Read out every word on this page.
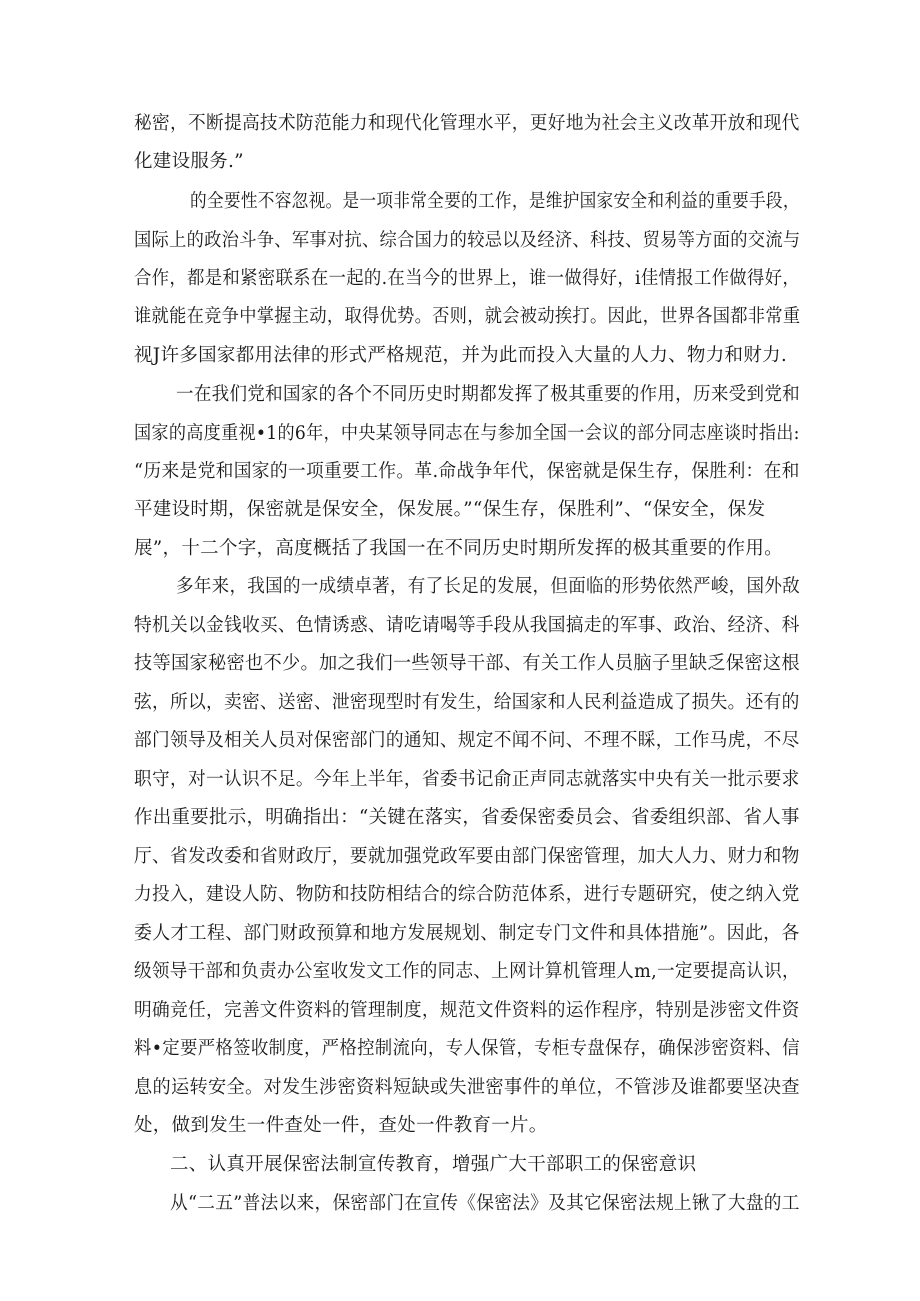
秘密，不断提高技术防范能力和现代化管理水平，更好地为社会主义改革开放和现代
化建设服务.”
的全要性不容忽视。是一项非常全要的工作，是维护国家安全和利益的重要手段，
国际上的政治斗争、军事对抗、综合国力的较忌以及经济、科技、贸易等方面的交流与
合作，都是和紧密联系在一起的.在当今的世界上，谁一做得好，i佳情报工作做得好，
谁就能在竞争中掌握主动，取得优势。否则，就会被动挨打。因此，世界各国都非常重
视J许多国家都用法律的形式严格规范，并为此而投入大量的人力、物力和财力.
一在我们党和国家的各个不同历史时期都发挥了极其重要的作用，历来受到党和
国家的高度重视•1的6年，中央某领导同志在与参加全国一会议的部分同志座谈时指出:
“历来是党和国家的一项重要工作。革.命战争年代，保密就是保生存，保胜利：在和
平建设时期，保密就是保安全，保发展。”“保生存，保胜利”、“保安全，保发
展”，十二个字，高度概括了我国一在不同历史时期所发挥的极其重要的作用。
多年来，我国的一成绩卓著，有了长足的发展，但面临的形势依然严峻，国外敌
特机关以金钱收买、色情诱惑、请吃请喝等手段从我国搞走的军事、政治、经济、科
技等国家秘密也不少。加之我们一些领导干部、有关工作人员脑子里缺乏保密这根
弦，所以，卖密、送密、泄密现型时有发生，给国家和人民利益造成了损失。还有的
部门领导及相关人员对保密部门的通知、规定不闻不问、不理不睬，工作马虎，不尽
职守，对一认识不足。今年上半年，省委书记俞正声同志就落实中央有关一批示要求
作出重要批示，明确指出：“关键在落实，省委保密委员会、省委组织部、省人事
厅、省发改委和省财政厅，要就加强党政军要由部门保密管理，加大人力、财力和物
力投入，建设人防、物防和技防相结合的综合防范体系，进行专题研究，使之纳入党
委人才工程、部门财政预算和地方发展规划、制定专门文件和具体措施”。因此，各
级领导干部和负责办公室收发文工作的同志、上网计算机管理人m,一定要提高认识，
明确竞任，完善文件资料的管理制度，规范文件资料的运作程序，特别是涉密文件资
料•定要严格签收制度，严格控制流向，专人保管，专柜专盘保存，确保涉密资料、信
息的运转安全。对发生涉密资料短缺或失泄密事件的单位，不管涉及谁都要坚决查
处，做到发生一件查处一件，查处一件教育一片。
二、认真开展保密法制宣传教育，增强广大干部职工的保密意识
从“二五”普法以来，保密部门在宣传《保密法》及其它保密法规上锹了大盘的工
